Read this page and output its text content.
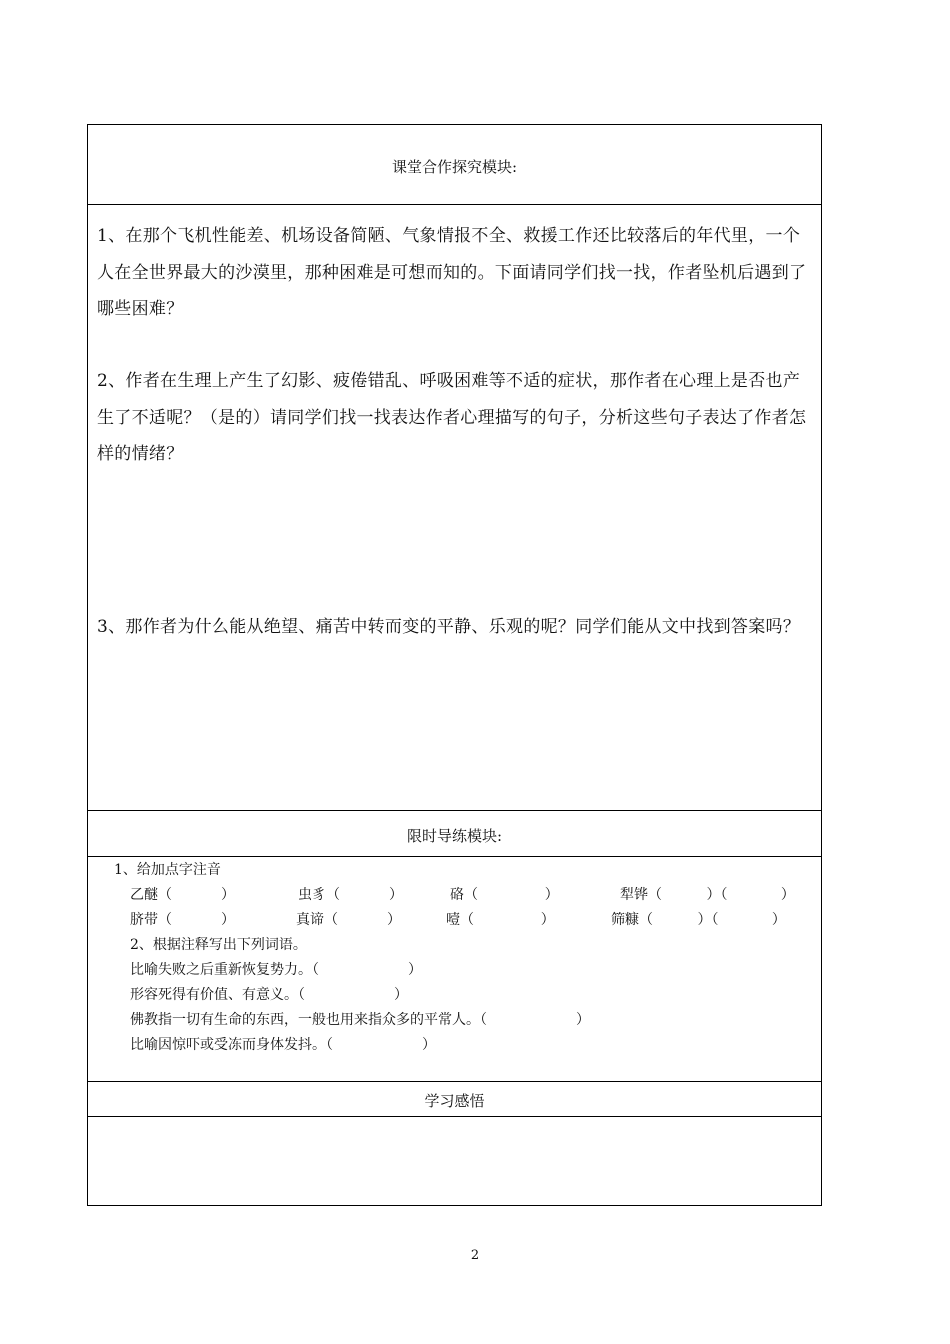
课堂合作探究模块:
1、在那个飞机性能差、机场设备简陋、气象情报不全、救援工作还比较落后的年代里，一个人在全世界最大的沙漠里，那种困难是可想而知的。下面请同学们找一找，作者坠机后遇到了哪些困难？
2、作者在生理上产生了幻影、疲倦错乱、呼吸困难等不适的症状，那作者在心理上是否也产生了不适呢？（是的）请同学们找一找表达作者心理描写的句子，分析这些句子表达了作者怎样的情绪？
3、那作者为什么能从绝望、痛苦中转而变的平静、乐观的呢？同学们能从文中找到答案吗？
限时导练模块:
1、给加点字注音
乙醚（           ）	虫豸（           ）	硌（               ）	犁铧（          ）（            ）
脐带（           ）	真谛（           ）	噎（               ）	筛糠（          ）（            ）
2、根据注释写出下列词语。
比喻失败之后重新恢复势力。（                    ）
形容死得有价值、有意义。（                    ）
佛教指一切有生命的东西，一般也用来指众多的平常人。（                    ）
比喻因惊吓或受冻而身体发抖。（                    ）
学习感悟
2
